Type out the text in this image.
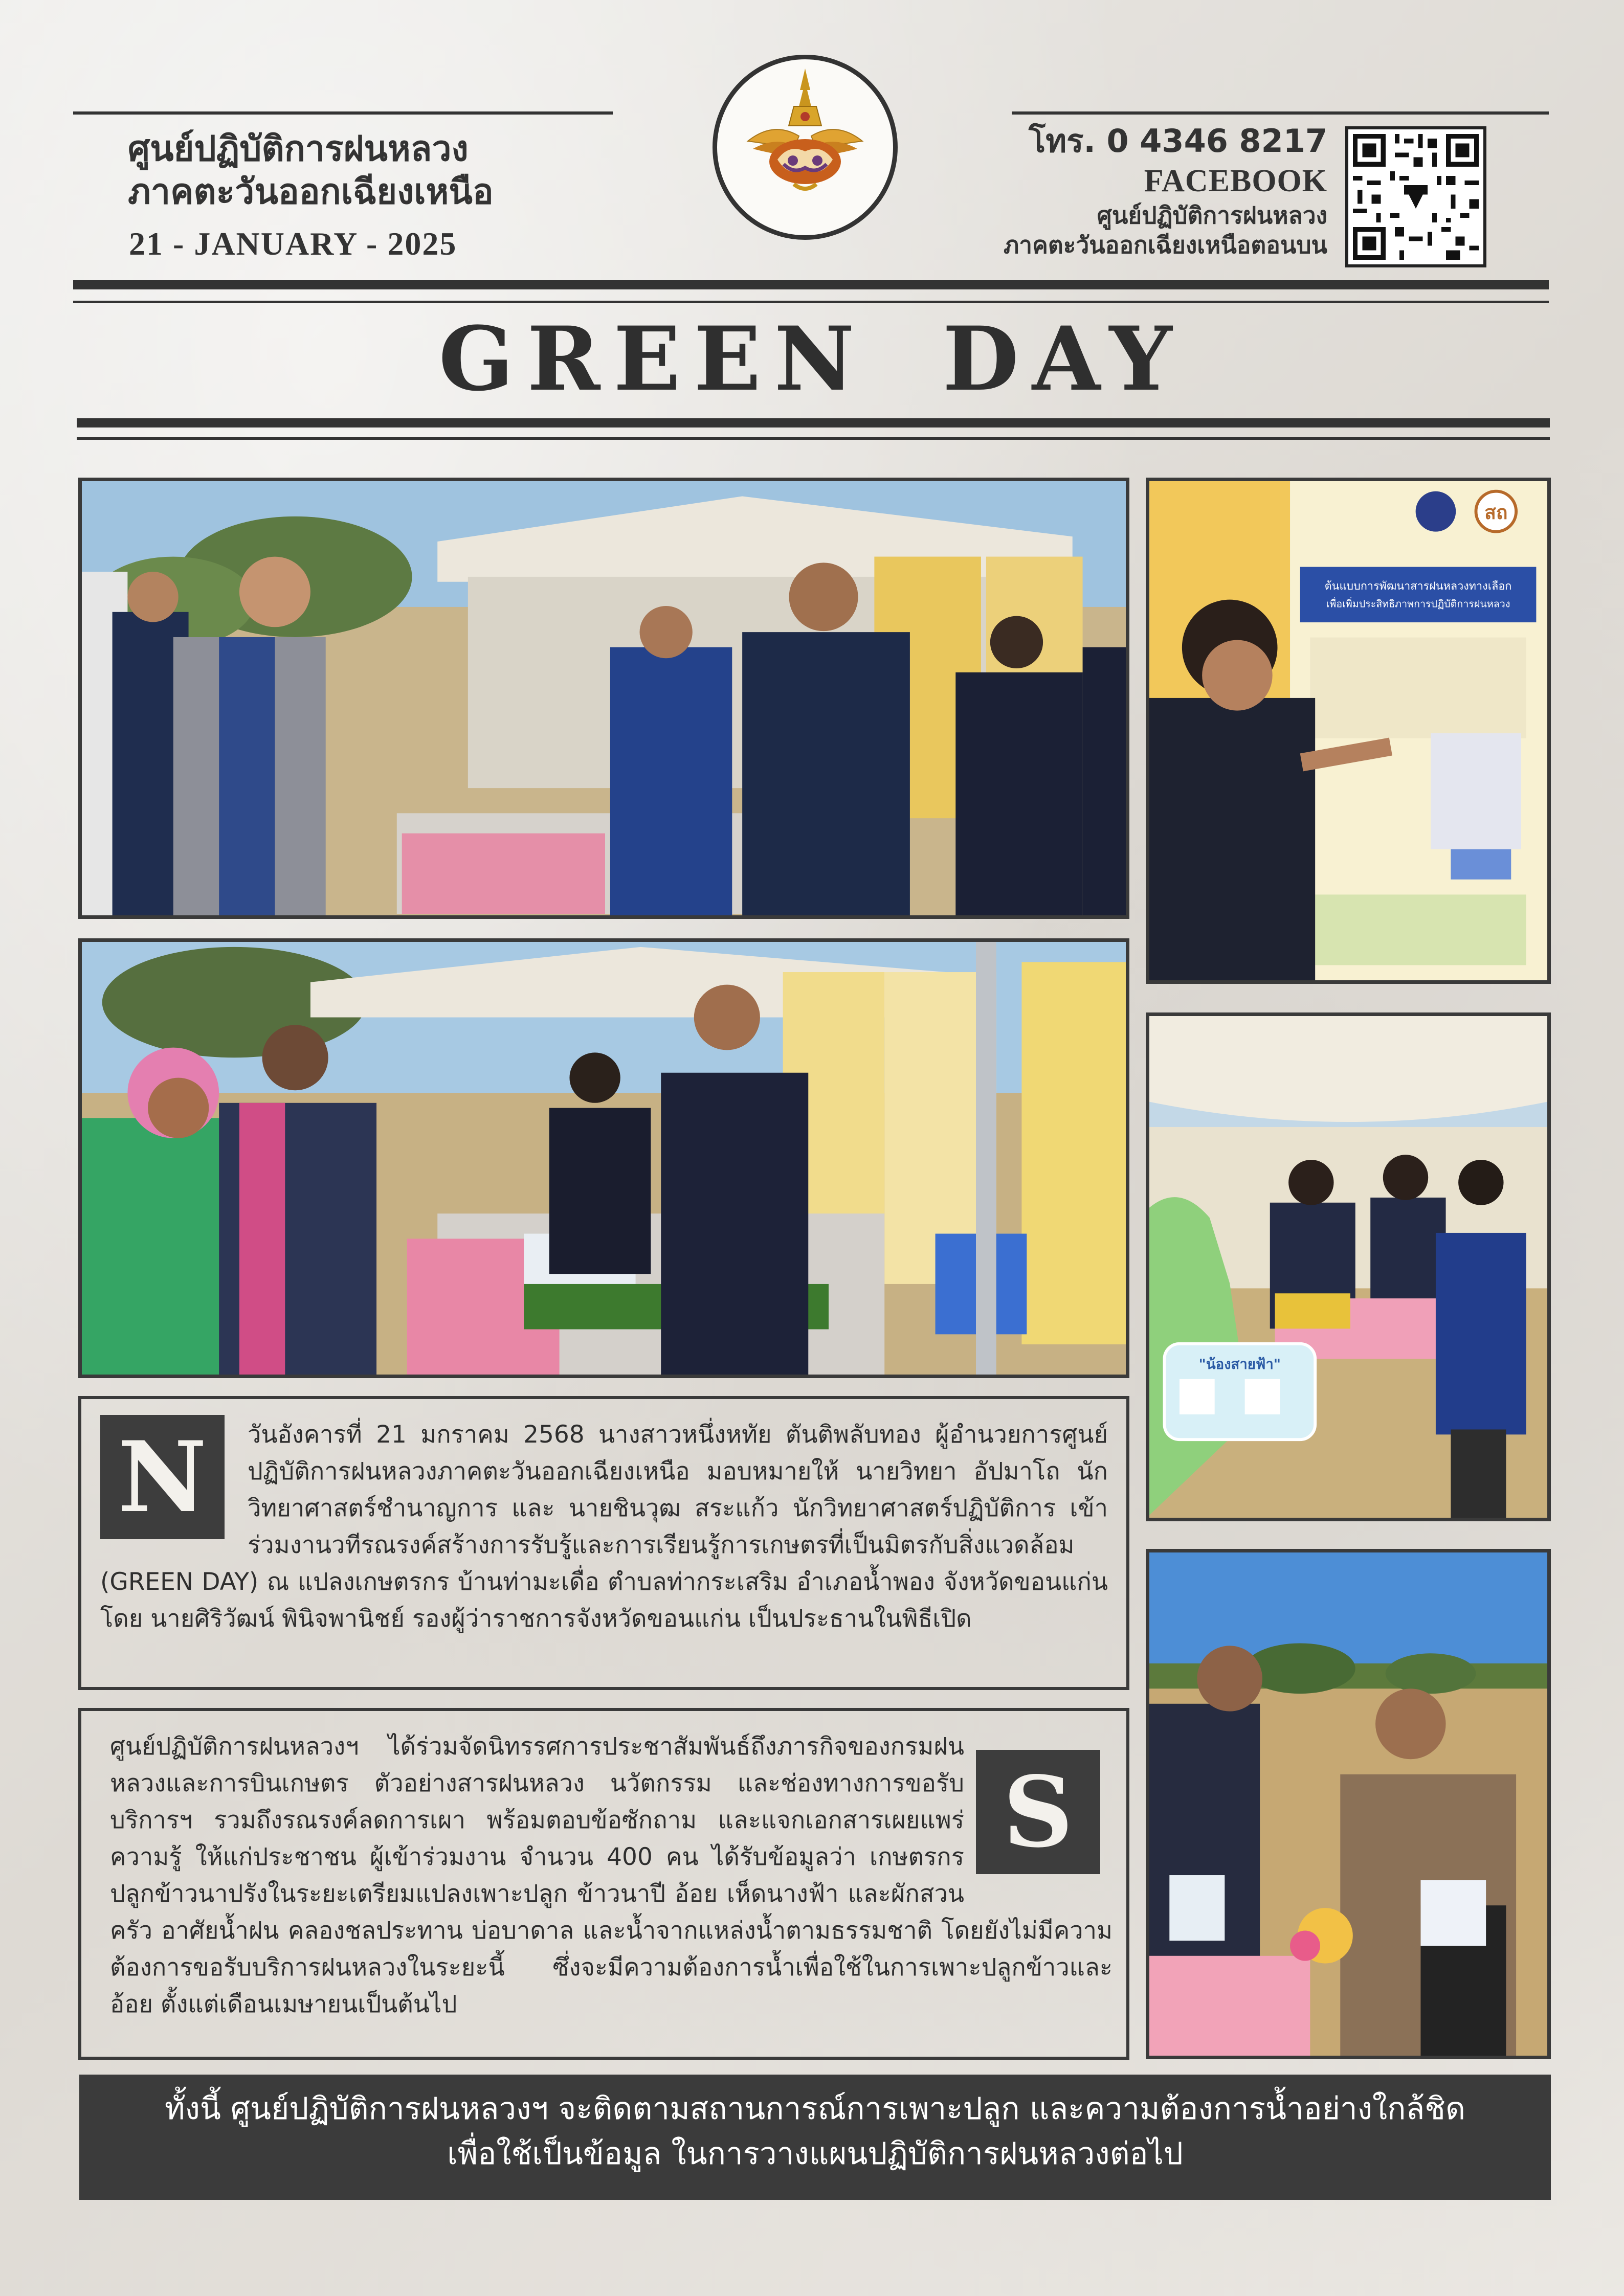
ศูนย์ปฏิบัติการฝนหลวง
ภาคตะวันออกเฉียงเหนือ
21 - JANUARY - 2025
โทร. 0 4346 8217
FACEBOOK
ศูนย์ปฏิบัติการฝนหลวง
ภาคตะวันออกเฉียงเหนือตอนบน
GREEN DAY
ต้นแบบการพัฒนาสารฝนหลวงทางเลือก
เพื่อเพิ่มประสิทธิภาพการปฏิบัติการฝนหลวง
สถ
"น้องสายฟ้า"
N	วันอังคารที่ 21 มกราคม 2568 นางสาวหนึ่งหทัย ตันติพลับทอง ผู้อำนวยการศูนย์ปฏิบัติการฝนหลวงภาคตะวันออกเฉียงเหนือ มอบหมายให้ นายวิทยา อัปมาโถ นักวิทยาศาสตร์ชำนาญการ และ นายชินวุฒ สระแก้ว นักวิทยาศาสตร์ปฏิบัติการ เข้าร่วมงานวทีรณรงค์สร้างการรับรู้และการเรียนรู้การเกษตรที่เป็นมิตรกับสิ่งแวดล้อม (GREEN DAY) ณ แปลงเกษตรกร บ้านท่ามะเดื่อ ตำบลท่ากระเสริม อำเภอน้ำพอง จังหวัดขอนแก่น โดย นายศิริวัฒน์ พินิจพานิชย์ รองผู้ว่าราชการจังหวัดขอนแก่น เป็นประธานในพิธีเปิด
S
ศูนย์ปฏิบัติการฝนหลวงฯ ได้ร่วมจัดนิทรรศการประชาสัมพันธ์ถึงภารกิจของกรมฝนหลวงและการบินเกษตร ตัวอย่างสารฝนหลวง นวัตกรรม และช่องทางการขอรับบริการฯ รวมถึงรณรงค์ลดการเผา พร้อมตอบข้อซักถาม และแจกเอกสารเผยแพร่ความรู้ ให้แก่ประชาชน ผู้เข้าร่วมงาน จำนวน 400 คน ได้รับข้อมูลว่า เกษตรกรปลูกข้าวนาปรังในระยะเตรียมแปลงเพาะปลูก ข้าวนาปี อ้อย เห็ดนางฟ้า และผักสวนครัว อาศัยน้ำฝน คลองชลประทาน บ่อบาดาล และน้ำจากแหล่งน้ำตามธรรมชาติ โดยยังไม่มีความต้องการขอรับบริการฝนหลวงในระยะนี้ ซึ่งจะมีความต้องการน้ำเพื่อใช้ในการเพาะปลูกข้าวและอ้อย ตั้งแต่เดือนเมษายนเป็นต้นไป
ทั้งนี้ ศูนย์ปฏิบัติการฝนหลวงฯ จะติดตามสถานการณ์การเพาะปลูก และความต้องการน้ำอย่างใกล้ชิด
เพื่อใช้เป็นข้อมูล ในการวางแผนปฏิบัติการฝนหลวงต่อไป
